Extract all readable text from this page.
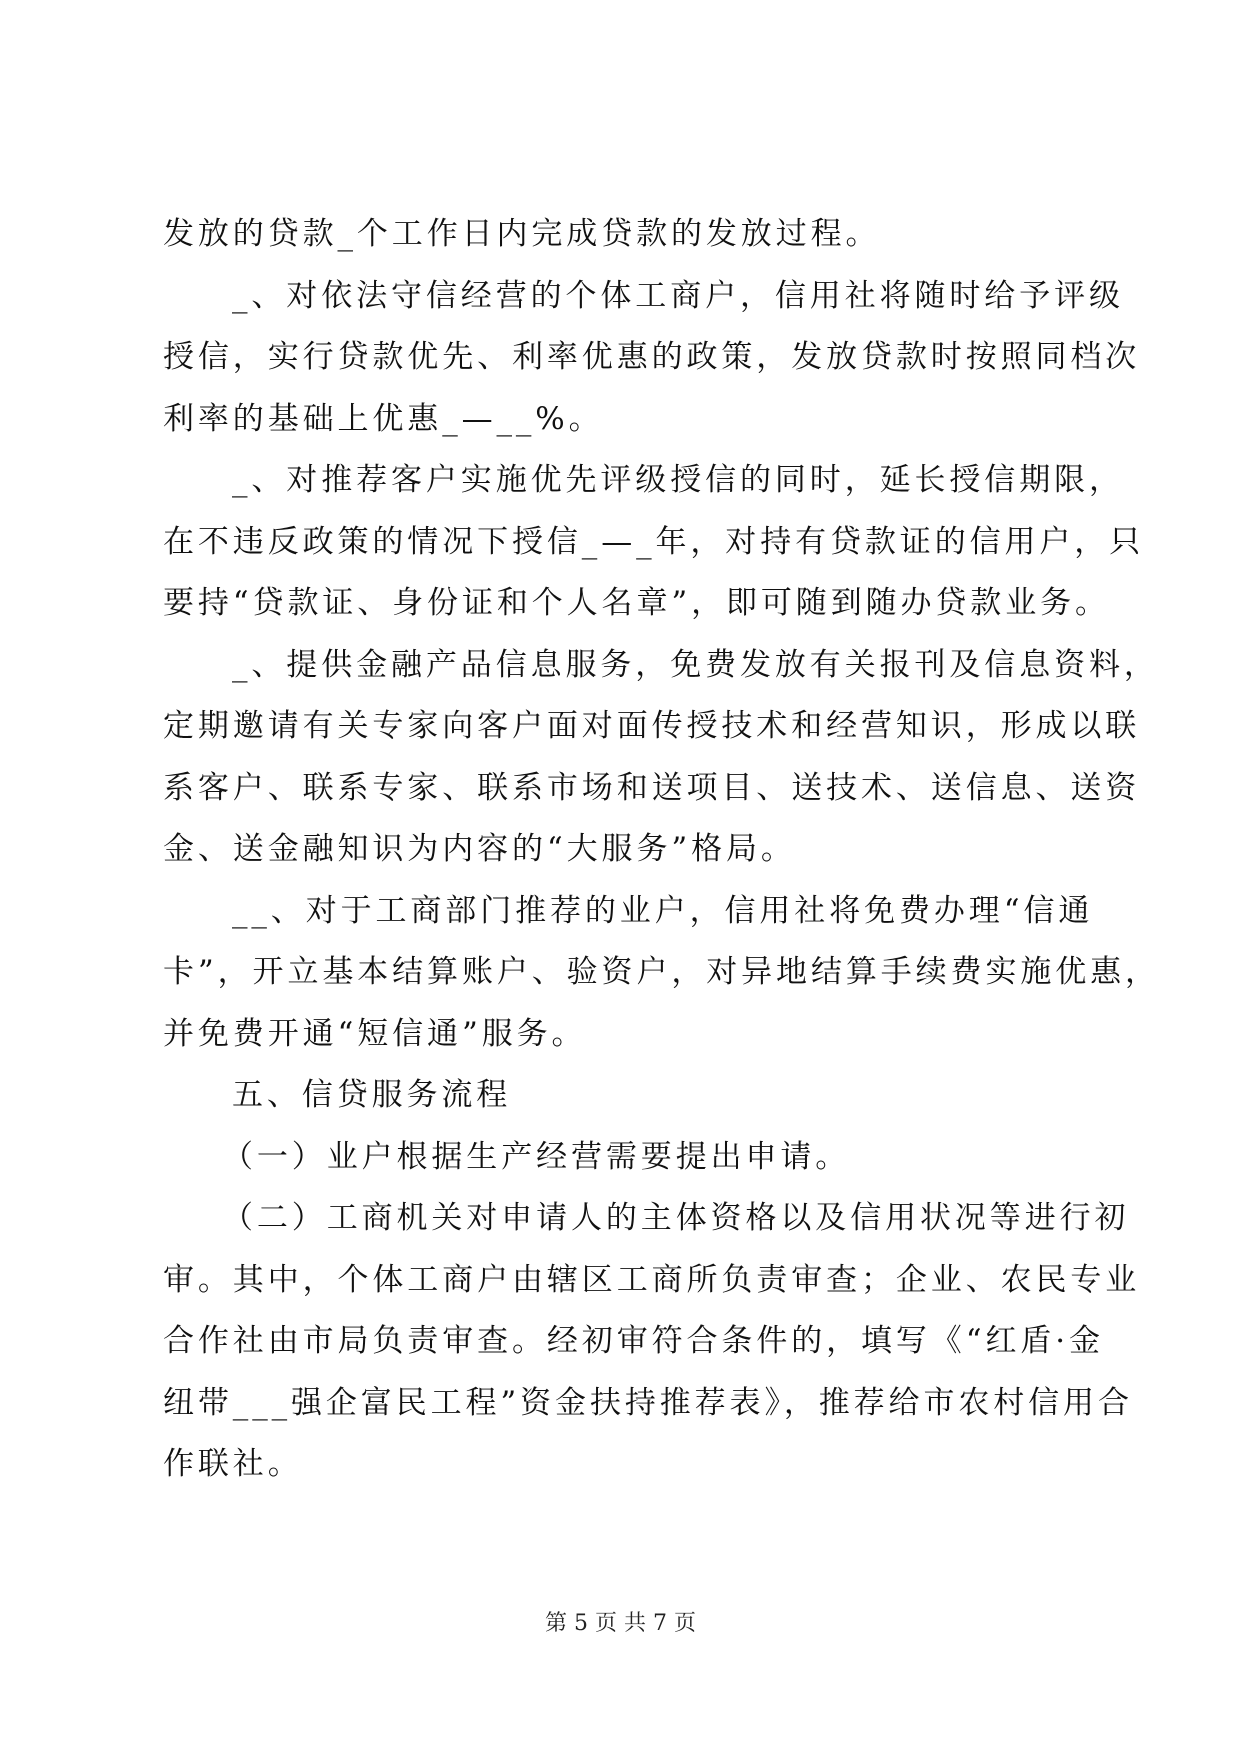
发放的贷款_个工作日内完成贷款的发放过程。
_、对依法守信经营的个体工商户，信用社将随时给予评级
授信，实行贷款优先、利率优惠的政策，发放贷款时按照同档次
利率的基础上优惠_—__%。
_、对推荐客户实施优先评级授信的同时，延长授信期限，
在不违反政策的情况下授信_—_年，对持有贷款证的信用户，只
要持“贷款证、身份证和个人名章”，即可随到随办贷款业务。
_、提供金融产品信息服务，免费发放有关报刊及信息资料，
定期邀请有关专家向客户面对面传授技术和经营知识，形成以联
系客户、联系专家、联系市场和送项目、送技术、送信息、送资
金、送金融知识为内容的“大服务”格局。
__、对于工商部门推荐的业户，信用社将免费办理“信通
卡”，开立基本结算账户、验资户，对异地结算手续费实施优惠，
并免费开通“短信通”服务。
五、信贷服务流程
（一）业户根据生产经营需要提出申请。
（二）工商机关对申请人的主体资格以及信用状况等进行初
审。其中，个体工商户由辖区工商所负责审查；企业、农民专业
合作社由市局负责审查。经初审符合条件的，填写《“红盾·金
纽带___强企富民工程”资金扶持推荐表》，推荐给市农村信用合
作联社。
第 5 页 共 7 页
